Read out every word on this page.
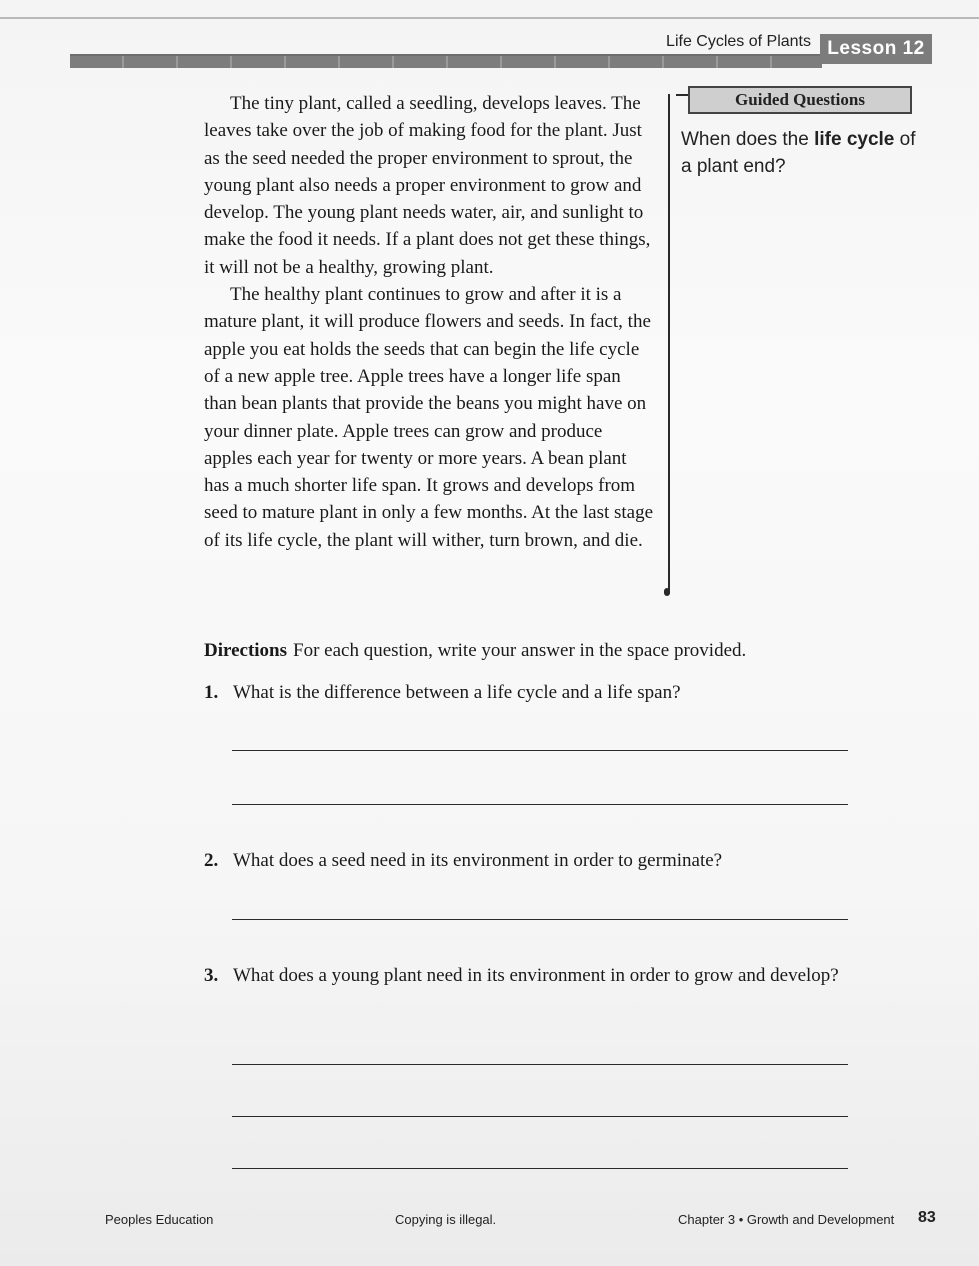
Life Cycles of Plants Lesson 12

The tiny plant, called a seedling, develops leaves. The leaves take over the job of making food for the plant. Just as the seed needed the proper environment to sprout, the young plant also needs a proper environment to grow and develop. The young plant needs water, air, and sunlight to make the food it needs. If a plant does not get these things, it will not be a healthy, growing plant.

The healthy plant continues to grow and after it is a mature plant, it will produce flowers and seeds. In fact, the apple you eat holds the seeds that can begin the life cycle of a new apple tree. Apple trees have a longer life span than bean plants that provide the beans you might have on your dinner plate. Apple trees can grow and produce apples each year for twenty or more years. A bean plant has a much shorter life span. It grows and develops from seed to mature plant in only a few months. At the last stage of its life cycle, the plant will wither, turn brown, and die.

Guided Questions
When does the life cycle of a plant end?
Directions For each question, write your answer in the space provided.
1. What is the difference between a life cycle and a life span?
2. What does a seed need in its environment in order to germinate?
3. What does a young plant need in its environment in order to grow and develop?
Peoples Education	Copying is illegal.	Chapter 3 • Growth and Development 83
